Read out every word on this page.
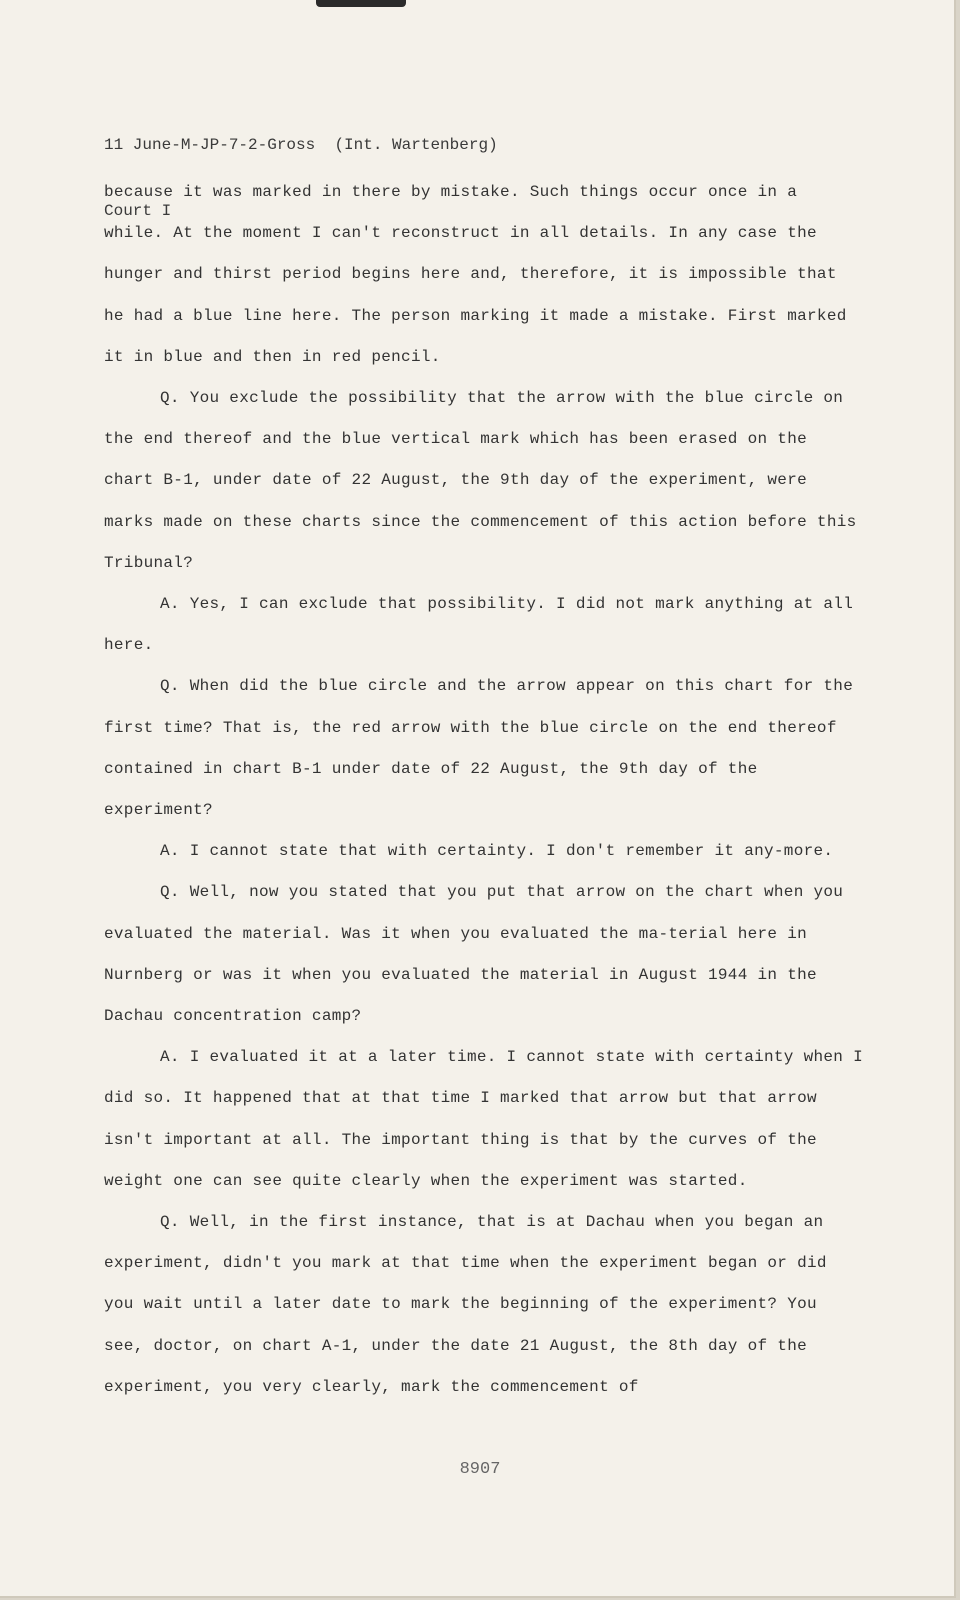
11 June-M-JP-7-2-Gross  (Int. Wartenberg)

Court I

because it was marked in there by mistake. Such things occur once in a while. At the moment I can't reconstruct in all details. In any case the hunger and thirst period begins here and, therefore, it is impossible that he had a blue line here. The person marking it made a mistake. First marked it in blue and then in red pencil.

Q. You exclude the possibility that the arrow with the blue circle on the end thereof and the blue vertical mark which has been erased on the chart B-1, under date of 22 August, the 9th day of the experiment, were marks made on these charts since the commencement of this action before this Tribunal?

A. Yes, I can exclude that possibility. I did not mark anything at all here.

Q. When did the blue circle and the arrow appear on this chart for the first time? That is, the red arrow with the blue circle on the end thereof contained in chart B-1 under date of 22 August, the 9th day of the experiment?

A. I cannot state that with certainty. I don't remember it any-more.

Q. Well, now you stated that you put that arrow on the chart when you evaluated the material. Was it when you evaluated the ma-terial here in Nurnberg or was it when you evaluated the material in August 1944 in the Dachau concentration camp?

A. I evaluated it at a later time. I cannot state with certainty when I did so. It happened that at that time I marked that arrow but that arrow isn't important at all. The important thing is that by the curves of the weight one can see quite clearly when the experiment was started.

Q. Well, in the first instance, that is at Dachau when you began an experiment, didn't you mark at that time when the experiment began or did you wait until a later date to mark the beginning of the experiment? You see, doctor, on chart A-1, under the date 21 August, the 8th day of the experiment, you very clearly, mark the commencement of

8907
